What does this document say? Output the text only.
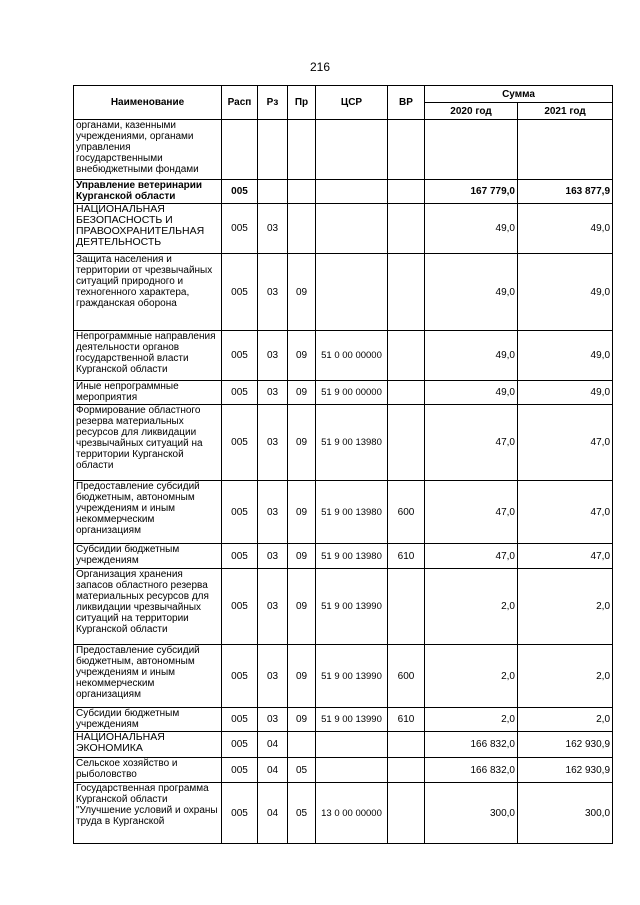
216
Наименование	Расп	Рз	Пр	ЦСР	ВР	Сумма	
						2020 год	2021 год
органами, казенными учреждениями, органами управления государственными внебюджетными фондами							
Управление ветеринарии Курганской области	005					167 779,0	163 877,9
НАЦИОНАЛЬНАЯ БЕЗОПАСНОСТЬ И ПРАВООХРАНИТЕЛЬНАЯ ДЕЯТЕЛЬНОСТЬ	005	03				49,0	49,0
Защита населения и территории от чрезвычайных ситуаций природного и техногенного характера, гражданская оборона	005	03	09			49,0	49,0
Непрограммные направления деятельности органов государственной власти Курганской области	005	03	09	51 0 00 00000		49,0	49,0
Иные непрограммные мероприятия	005	03	09	51 9 00 00000		49,0	49,0
Формирование областного резерва материальных ресурсов для ликвидации чрезвычайных ситуаций на территории Курганской области	005	03	09	51 9 00 13980		47,0	47,0
Предоставление субсидий бюджетным, автономным учреждениям и иным некоммерческим организациям	005	03	09	51 9 00 13980	600	47,0	47,0
Субсидии бюджетным учреждениям	005	03	09	51 9 00 13980	610	47,0	47,0
Организация хранения запасов областного резерва материальных ресурсов для ликвидации чрезвычайных ситуаций на территории Курганской области	005	03	09	51 9 00 13990		2,0	2,0
Предоставление субсидий бюджетным, автономным учреждениям и иным некоммерческим организациям	005	03	09	51 9 00 13990	600	2,0	2,0
Субсидии бюджетным учреждениям	005	03	09	51 9 00 13990	610	2,0	2,0
НАЦИОНАЛЬНАЯ ЭКОНОМИКА	005	04				166 832,0	162 930,9
Сельское хозяйство и рыболовство	005	04	05			166 832,0	162 930,9
Государственная программа Курганской области "Улучшение условий и охраны труда в Курганской	005	04	05	13 0 00 00000		300,0	300,0
